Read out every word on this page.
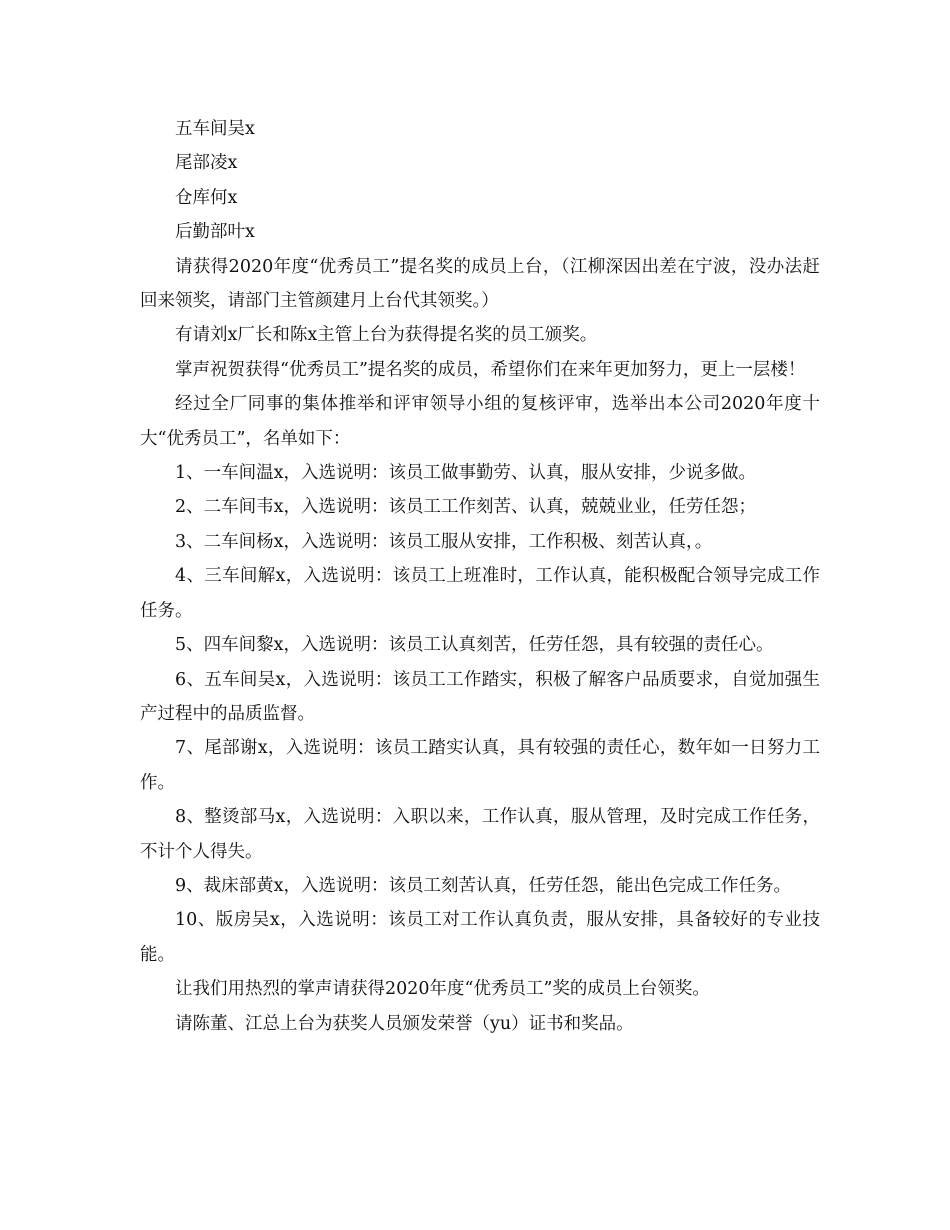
五车间吴x

尾部凌x

仓库何x

后勤部叶x

请获得2020年度“优秀员工”提名奖的成员上台，（江柳深因出差在宁波，没办法赶回来领奖，请部门主管颜建月上台代其领奖。）

有请刘x厂长和陈x主管上台为获得提名奖的员工颁奖。

掌声祝贺获得“优秀员工”提名奖的成员，希望你们在来年更加努力，更上一层楼！

经过全厂同事的集体推举和评审领导小组的复核评审，选举出本公司2020年度十大“优秀员工”，名单如下：

1、一车间温x，入选说明：该员工做事勤劳、认真，服从安排，少说多做。

2、二车间韦x，入选说明：该员工工作刻苦、认真，兢兢业业，任劳任怨；

3、二车间杨x，入选说明：该员工服从安排，工作积极、刻苦认真，。

4、三车间解x，入选说明：该员工上班准时，工作认真，能积极配合领导完成工作任务。

5、四车间黎x，入选说明：该员工认真刻苦，任劳任怨，具有较强的责任心。

6、五车间吴x，入选说明：该员工工作踏实，积极了解客户品质要求，自觉加强生产过程中的品质监督。

7、尾部谢x，入选说明：该员工踏实认真，具有较强的责任心，数年如一日努力工作。

8、整烫部马x，入选说明：入职以来，工作认真，服从管理，及时完成工作任务，不计个人得失。

9、裁床部黄x，入选说明：该员工刻苦认真，任劳任怨，能出色完成工作任务。

10、版房吴x，入选说明：该员工对工作认真负责，服从安排，具备较好的专业技能。

让我们用热烈的掌声请获得2020年度“优秀员工”奖的成员上台领奖。

请陈董、江总上台为获奖人员颁发荣誉（yu）证书和奖品。
